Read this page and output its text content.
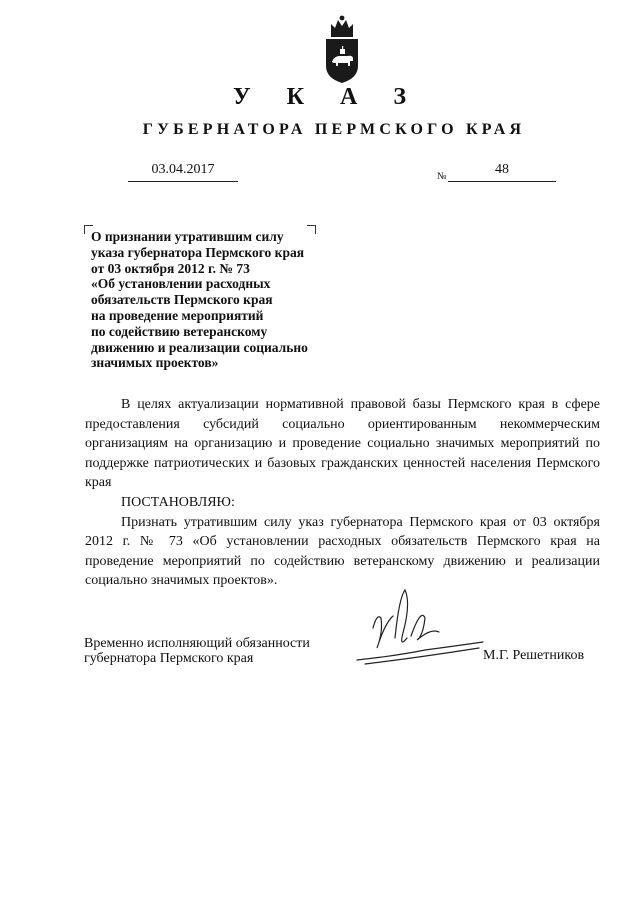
У К А З
ГУБЕРНАТОРА ПЕРМСКОГО КРАЯ
03.04.2017	№	48
О признании утратившим силу
указа губернатора Пермского края
от 03 октября 2012 г. № 73
«Об установлении расходных
обязательств Пермского края
на проведение мероприятий
по содействию ветеранскому
движению и реализации социально
значимых проектов»

В целях актуализации нормативной правовой базы Пермского края в сфере предоставления субсидий социально ориентированным некоммерческим организациям на организацию и проведение социально значимых мероприятий по поддержке патриотических и базовых гражданских ценностей населения Пермского края

ПОСТАНОВЛЯЮ:

Признать утратившим силу указ губернатора Пермского края от 03 октября 2012 г. № 73 «Об установлении расходных обязательств Пермского края на проведение мероприятий по содействию ветеранскому движению и реализации социально значимых проектов».

Временно исполняющий обязанности
губернатора Пермского края	М.Г. Решетников
